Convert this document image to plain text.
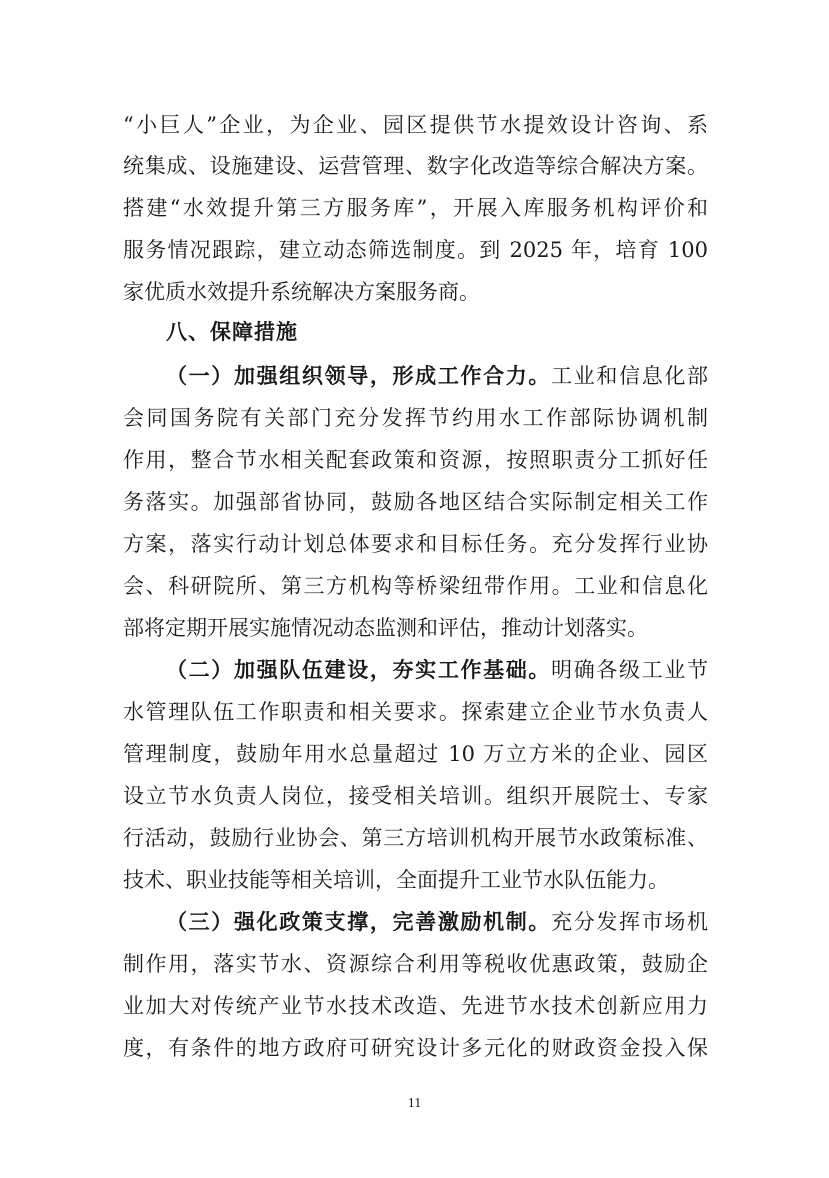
“小巨人”企业，为企业、园区提供节水提效设计咨询、系
统集成、设施建设、运营管理、数字化改造等综合解决方案。
搭建“水效提升第三方服务库”，开展入库服务机构评价和
服务情况跟踪，建立动态筛选制度。到 2025 年，培育 100
家优质水效提升系统解决方案服务商。
八、保障措施
（一）加强组织领导，形成工作合力。工业和信息化部
会同国务院有关部门充分发挥节约用水工作部际协调机制
作用，整合节水相关配套政策和资源，按照职责分工抓好任
务落实。加强部省协同，鼓励各地区结合实际制定相关工作
方案，落实行动计划总体要求和目标任务。充分发挥行业协
会、科研院所、第三方机构等桥梁纽带作用。工业和信息化
部将定期开展实施情况动态监测和评估，推动计划落实。
（二）加强队伍建设，夯实工作基础。明确各级工业节
水管理队伍工作职责和相关要求。探索建立企业节水负责人
管理制度，鼓励年用水总量超过 10 万立方米的企业、园区
设立节水负责人岗位，接受相关培训。组织开展院士、专家
行活动，鼓励行业协会、第三方培训机构开展节水政策标准、
技术、职业技能等相关培训，全面提升工业节水队伍能力。
（三）强化政策支撑，完善激励机制。充分发挥市场机
制作用，落实节水、资源综合利用等税收优惠政策，鼓励企
业加大对传统产业节水技术改造、先进节水技术创新应用力
度，有条件的地方政府可研究设计多元化的财政资金投入保
11
